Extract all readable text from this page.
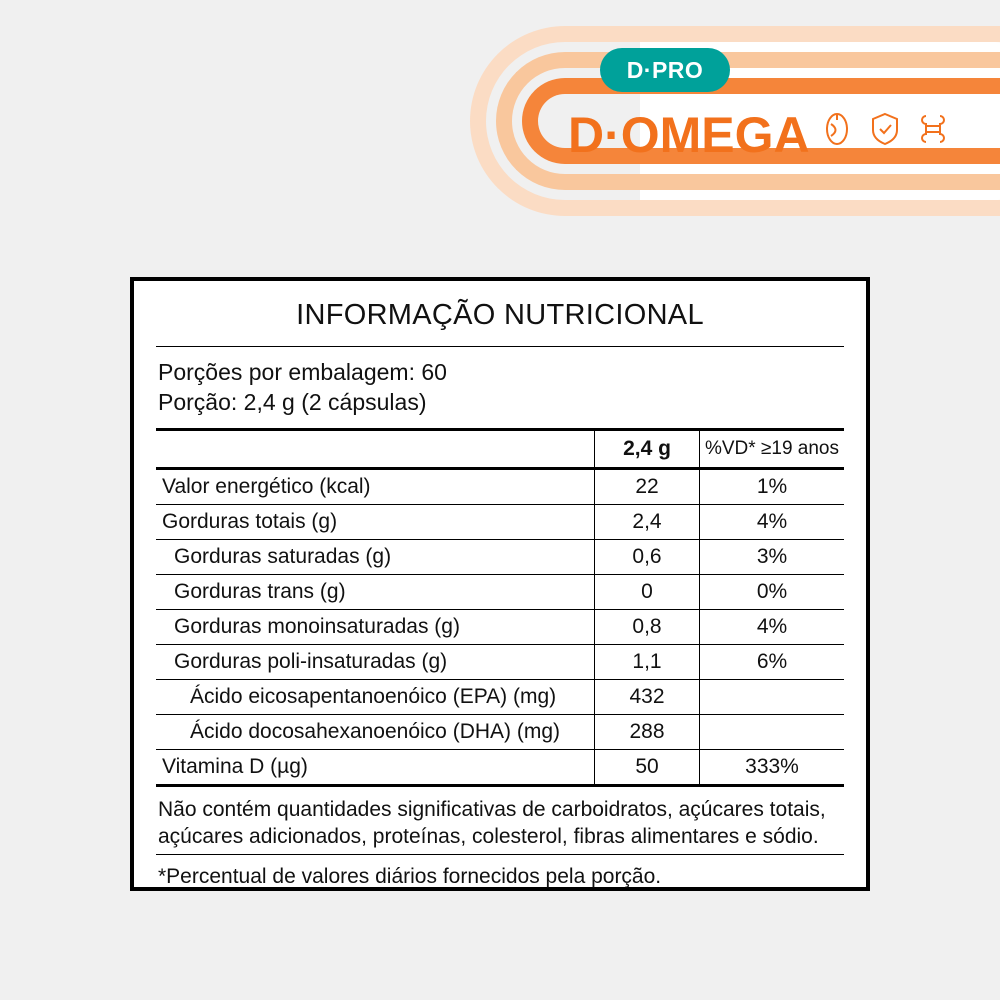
D·PRO
D·OMEGA
INFORMAÇÃO NUTRICIONAL
Porções por embalagem: 60
Porção: 2,4 g (2 cápsulas)
	2,4 g	%VD* ≥19 anos
Valor energético (kcal)	22	1%
Gorduras totais (g)	2,4	4%
Gorduras saturadas (g)	0,6	3%
Gorduras trans (g)	0	0%
Gorduras monoinsaturadas (g)	0,8	4%
Gorduras poli-insaturadas (g)	1,1	6%
Ácido eicosapentanoenóico (EPA) (mg)	432	
Ácido docosahexanoenóico (DHA) (mg)	288	
Vitamina D (µg)	50	333%
Não contém quantidades significativas de carboidratos, açúcares totais, açúcares adicionados, proteínas, colesterol, fibras alimentares e sódio.
*Percentual de valores diários fornecidos pela porção.
